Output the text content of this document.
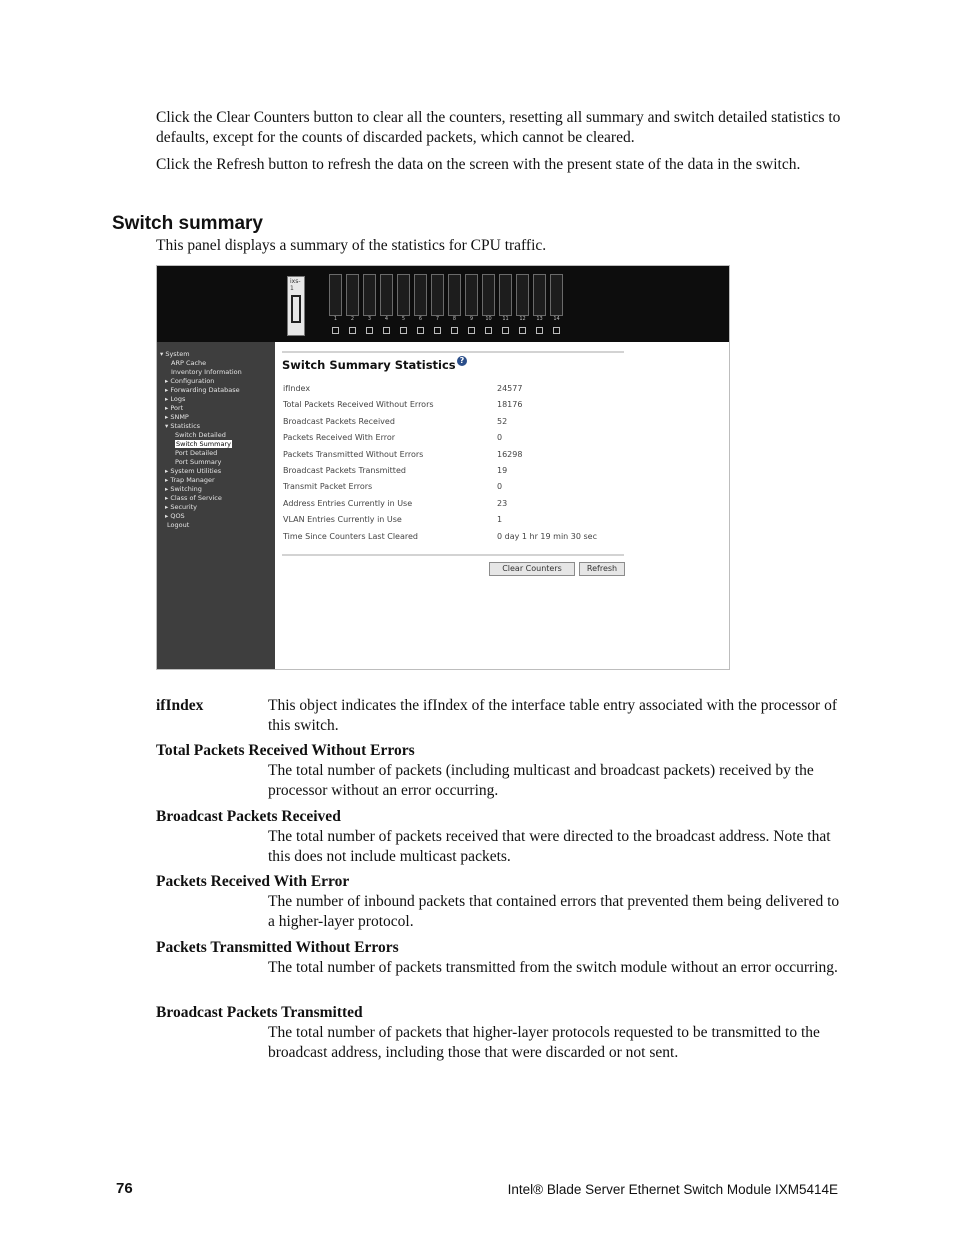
Click the Clear Counters button to clear all the counters, resetting all summary and switch detailed statistics to defaults, except for the counts of discarded packets, which cannot be cleared.

Click the Refresh button to refresh the data on the screen with the present state of the data in the switch.

Switch summary

This panel displays a summary of the statistics for CPU traffic.

ixs-1
1	2	3	4	5	6	7	8	9	10	11	12	13	14
▾ System
ARP Cache
Inventory Information
▸ Configuration
▸ Forwarding Database
▸ Logs
▸ Port
▸ SNMP
▾ Statistics
Switch Detailed
Switch Summary
Port Detailed
Port Summary
▸ System Utilities
▸ Trap Manager
▸ Switching
▸ Class of Service
▸ Security
▸ QOS
Logout
Switch Summary Statistics ?
ifIndex	24577
Total Packets Received Without Errors	18176
Broadcast Packets Received	52
Packets Received With Error	0
Packets Transmitted Without Errors	16298
Broadcast Packets Transmitted	19
Transmit Packet Errors	0
Address Entries Currently in Use	23
VLAN Entries Currently in Use	1
Time Since Counters Last Cleared	0 day 1 hr 19 min 30 sec
Clear Counters	Refresh
ifIndex	This object indicates the ifIndex of the interface table entry associated with the processor of this switch.
Total Packets Received Without Errors
The total number of packets (including multicast and broadcast packets) received by the processor without an error occurring.
Broadcast Packets Received
The total number of packets received that were directed to the broadcast address. Note that this does not include multicast packets.
Packets Received With Error
The number of inbound packets that contained errors that prevented them being delivered to a higher-layer protocol.
Packets Transmitted Without Errors
The total number of packets transmitted from the switch module without an error occurring.
Broadcast Packets Transmitted
The total number of packets that higher-layer protocols requested to be transmitted to the broadcast address, including those that were discarded or not sent.
76	Intel® Blade Server Ethernet Switch Module IXM5414E
